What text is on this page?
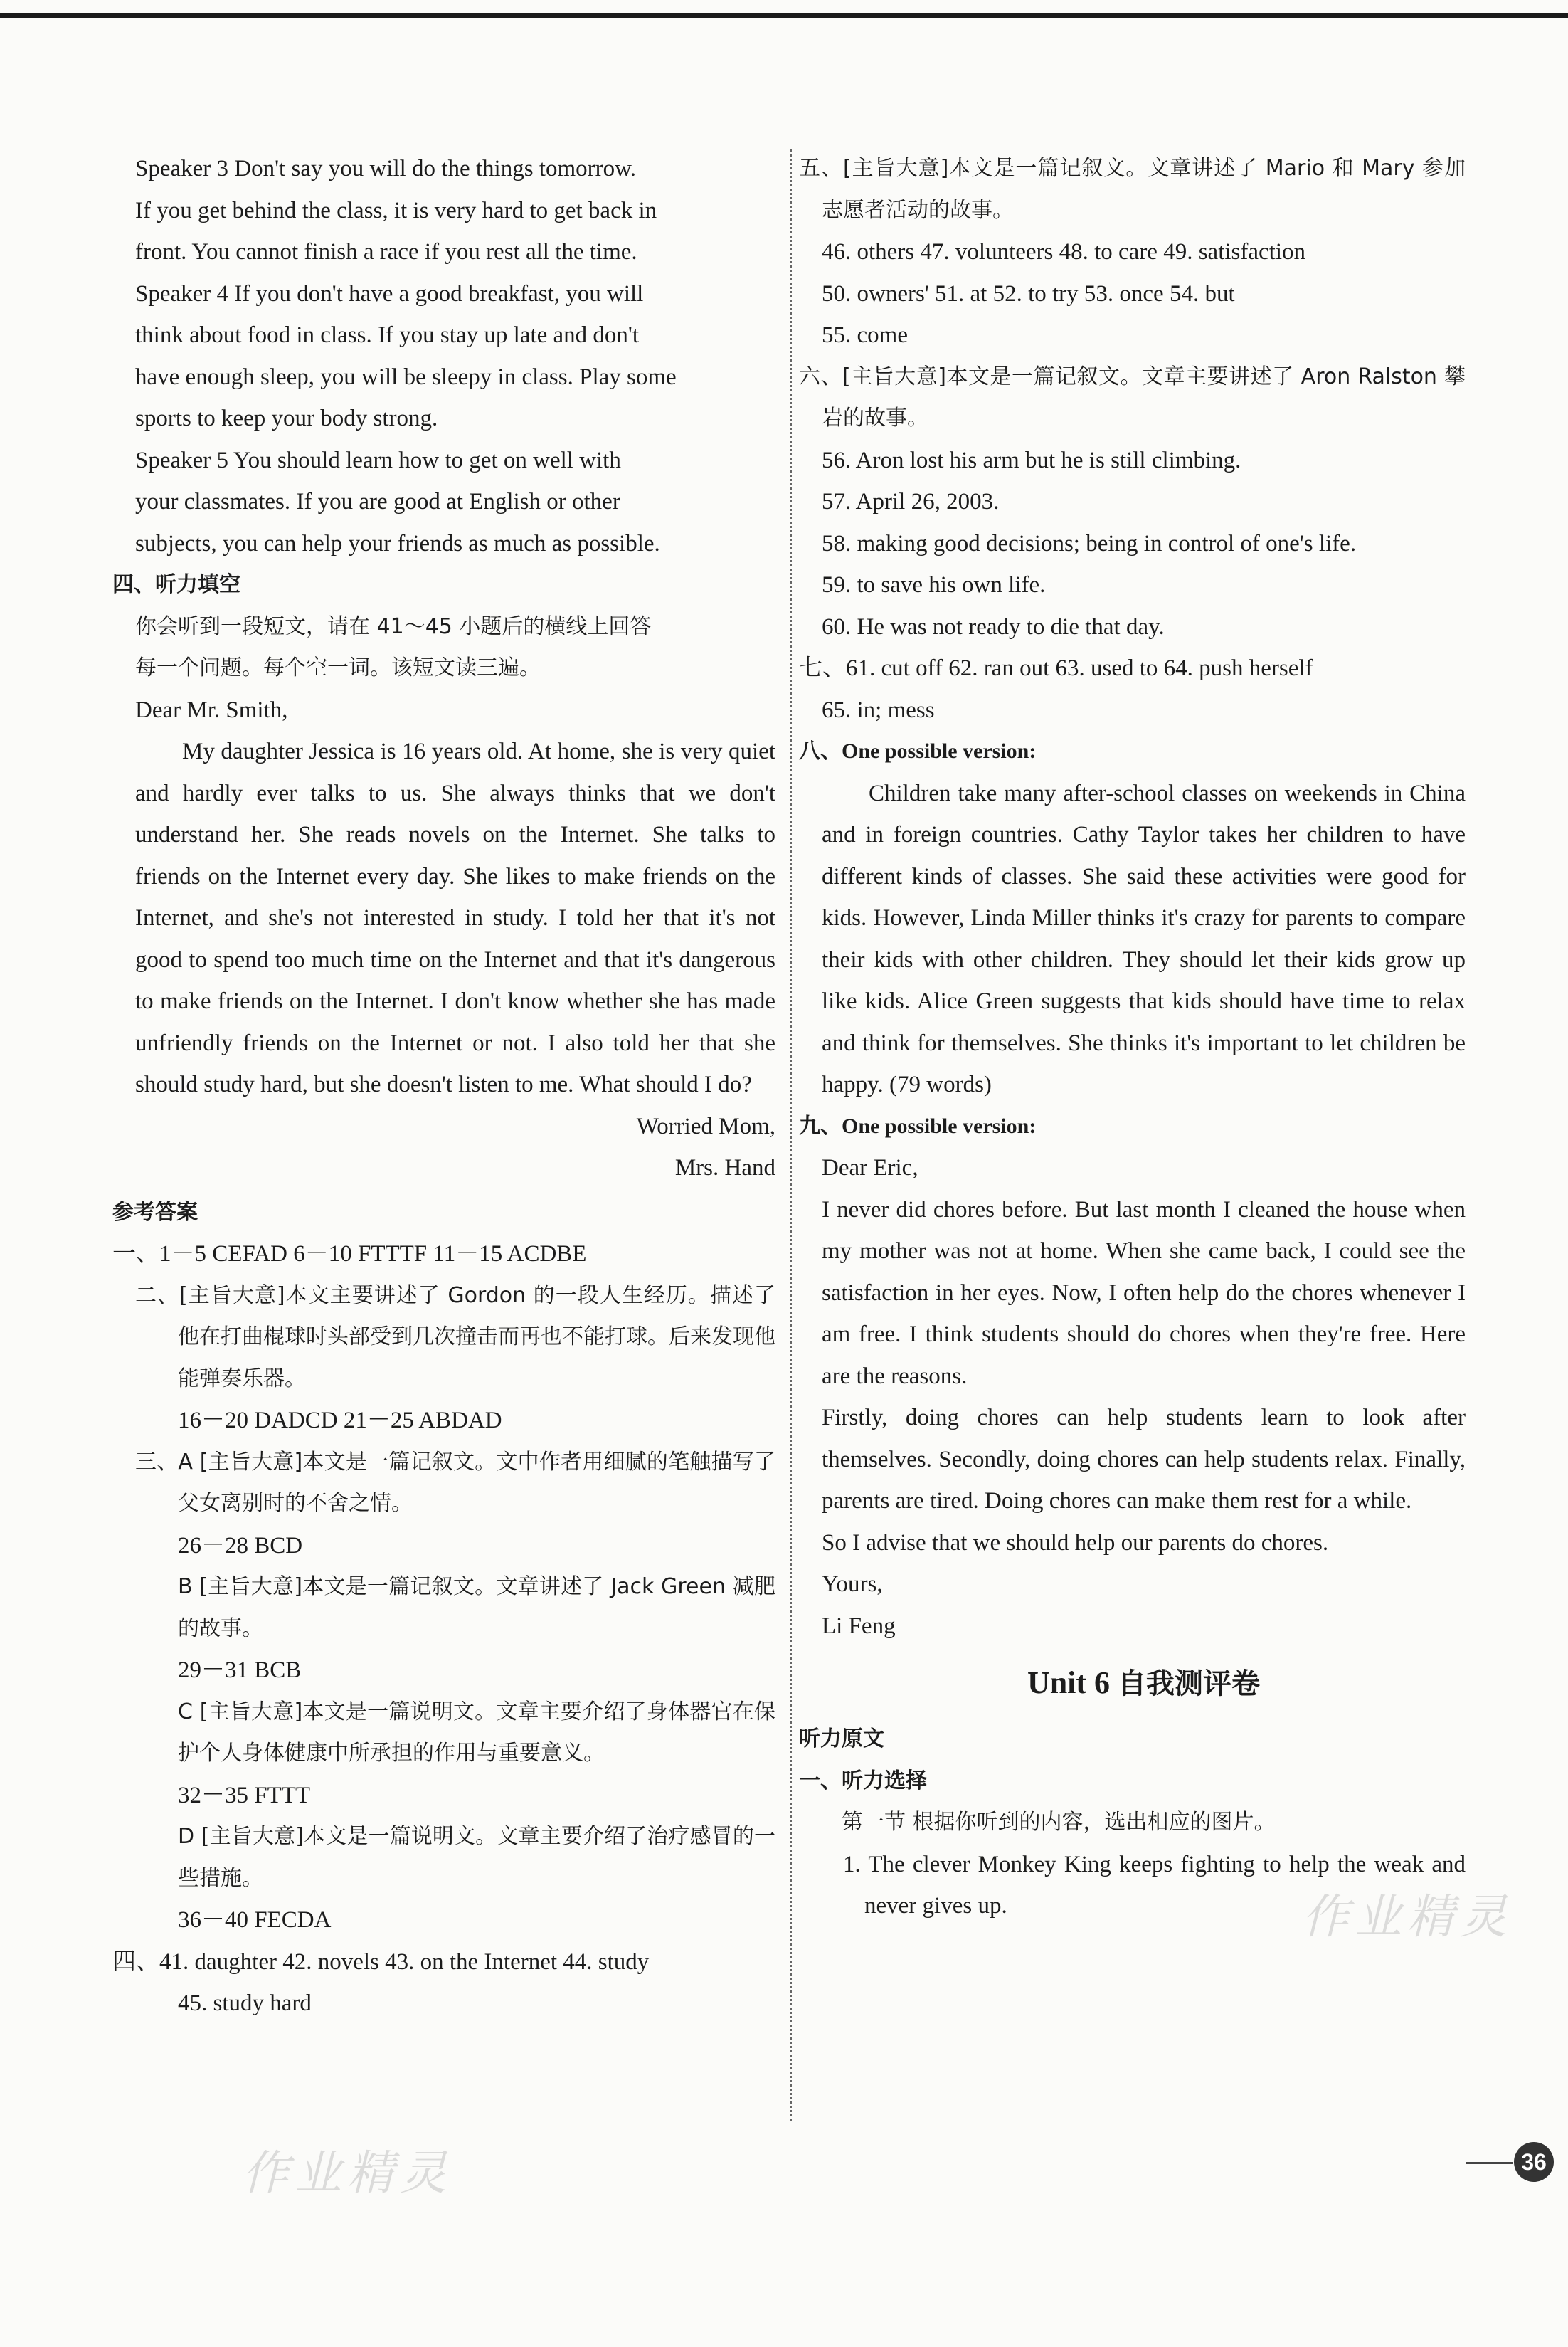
Speaker 3 Don't say you will do the things tomorrow.

If you get behind the class, it is very hard to get back in

front. You cannot finish a race if you rest all the time.

Speaker 4 If you don't have a good breakfast, you will

think about food in class. If you stay up late and don't

have enough sleep, you will be sleepy in class. Play some

sports to keep your body strong.

Speaker 5 You should learn how to get on well with

your classmates. If you are good at English or other

subjects, you can help your friends as much as possible.

四、听力填空

你会听到一段短文，请在 41～45 小题后的横线上回答

每一个问题。每个空一词。该短文读三遍。

Dear Mr. Smith,

My daughter Jessica is 16 years old. At home, she is very quiet and hardly ever talks to us. She always thinks that we don't understand her. She reads novels on the Internet. She talks to friends on the Internet every day. She likes to make friends on the Internet, and she's not interested in study. I told her that it's not good to spend too much time on the Internet and that it's dangerous to make friends on the Internet. I don't know whether she has made unfriendly friends on the Internet or not. I also told her that she should study hard, but she doesn't listen to me. What should I do?

Worried Mom,

Mrs. Hand

参考答案

一、1－5 CEFAD 6－10 FTTTF 11－15 ACDBE

二、[主旨大意]本文主要讲述了 Gordon 的一段人生经历。描述了他在打曲棍球时头部受到几次撞击而再也不能打球。后来发现他能弹奏乐器。

16－20 DADCD 21－25 ABDAD

三、A [主旨大意]本文是一篇记叙文。文中作者用细腻的笔触描写了父女离别时的不舍之情。

26－28 BCD

B [主旨大意]本文是一篇记叙文。文章讲述了 Jack Green 减肥的故事。

29－31 BCB

C [主旨大意]本文是一篇说明文。文章主要介绍了身体器官在保护个人身体健康中所承担的作用与重要意义。

32－35 FTTT

D [主旨大意]本文是一篇说明文。文章主要介绍了治疗感冒的一些措施。

36－40 FECDA

四、41. daughter 42. novels 43. on the Internet 44. study

45. study hard

五、[主旨大意]本文是一篇记叙文。文章讲述了 Mario 和 Mary 参加志愿者活动的故事。

46. others 47. volunteers 48. to care 49. satisfaction

50. owners' 51. at 52. to try 53. once 54. but

55. come

六、[主旨大意]本文是一篇记叙文。文章主要讲述了 Aron Ralston 攀岩的故事。

56. Aron lost his arm but he is still climbing.

57. April 26, 2003.

58. making good decisions; being in control of one's life.

59. to save his own life.

60. He was not ready to die that day.

七、61. cut off 62. ran out 63. used to 64. push herself

65. in; mess

八、One possible version:

Children take many after-school classes on weekends in China and in foreign countries. Cathy Taylor takes her children to have different kinds of classes. She said these activities were good for kids. However, Linda Miller thinks it's crazy for parents to compare their kids with other children. They should let their kids grow up like kids. Alice Green suggests that kids should have time to relax and think for themselves. She thinks it's important to let children be happy. (79 words)

九、One possible version:

Dear Eric,

I never did chores before. But last month I cleaned the house when my mother was not at home. When she came back, I could see the satisfaction in her eyes. Now, I often help do the chores whenever I am free. I think students should do chores when they're free. Here are the reasons.

Firstly, doing chores can help students learn to look after themselves. Secondly, doing chores can help students relax. Finally, parents are tired. Doing chores can make them rest for a while.

So I advise that we should help our parents do chores.

Yours,

Li Feng

Unit 6 自我测评卷

听力原文

一、听力选择

第一节 根据你听到的内容，选出相应的图片。

1. The clever Monkey King keeps fighting to help the weak and never gives up.	作业精灵
作业精灵	36
